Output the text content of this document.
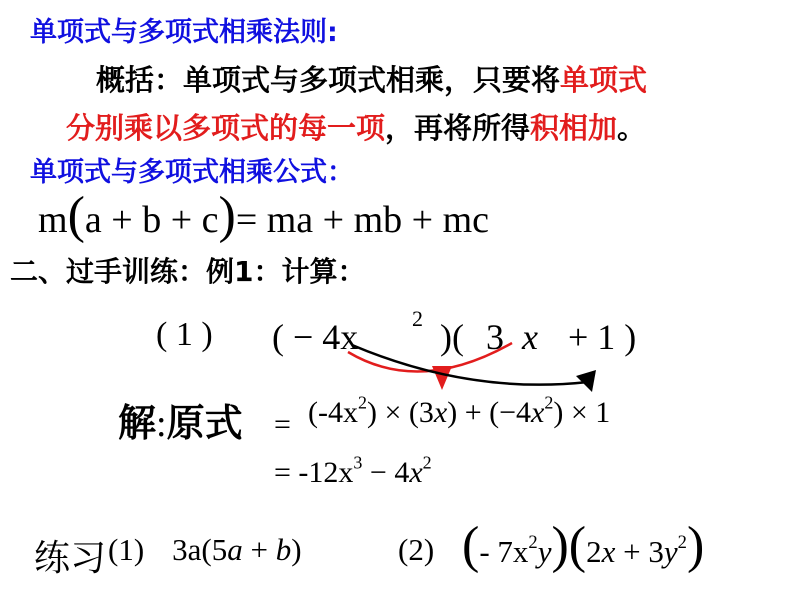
单项式与多项式相乘法则:
概括：单项式与多项式相乘，只要将单项式
分别乘以多项式的每一项，再将所得积相加。
单项式与多项式相乘公式：
m(a + b + c)= ma + mb + mc
二、过手训练：例1：计算：
( 1 ) ( − 4x 2 )( 3 x + 1 )
解:原式 = $(-4x^2) \times (3x) + (-4x^2) \times 1$
= $-12x^3 - 4x^2$
练习 (1) 3a(5a + b)	(2) (- $7x^2y)(2x + 3y^2)$
